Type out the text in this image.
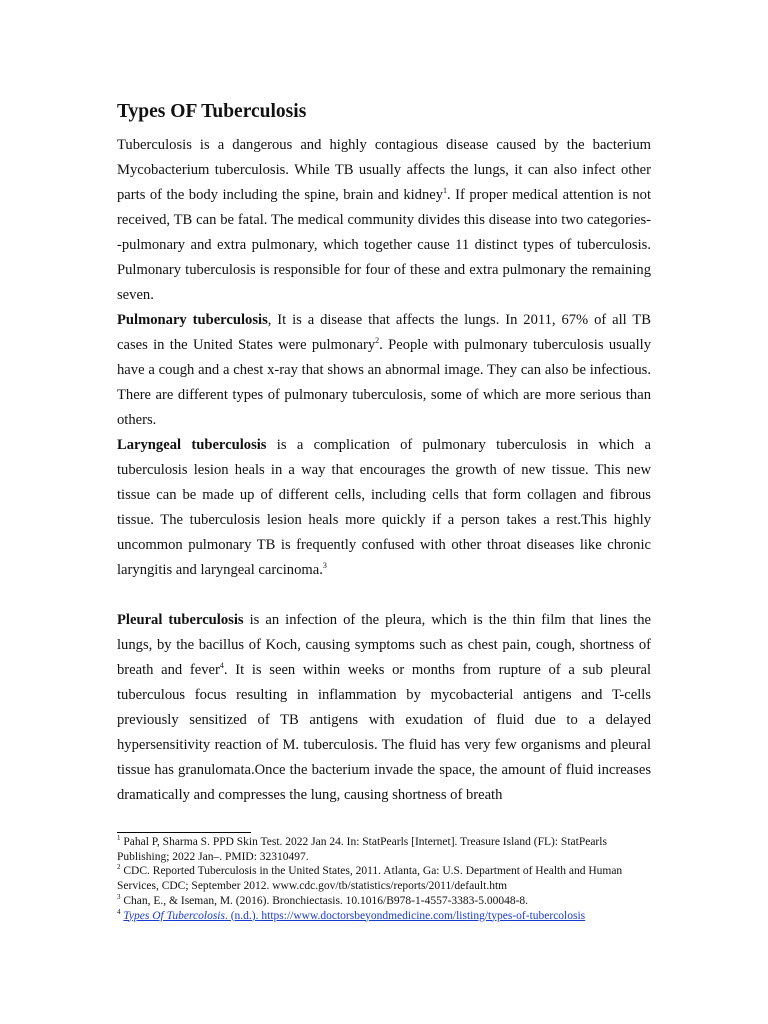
Types OF Tuberculosis

Tuberculosis is a dangerous and highly contagious disease caused by the bacterium Mycobacterium tuberculosis. While TB usually affects the lungs, it can also infect other parts of the body including the spine, brain and kidney$^1$. If proper medical attention is not received, TB can be fatal. The medical community divides this disease into two categories--pulmonary and extra pulmonary, which together cause 11 distinct types of tuberculosis. Pulmonary tuberculosis is responsible for four of these and extra pulmonary the remaining seven.

Pulmonary tuberculosis, It is a disease that affects the lungs. In 2011, 67% of all TB cases in the United States were pulmonary$^2$. People with pulmonary tuberculosis usually have a cough and a chest x-ray that shows an abnormal image. They can also be infectious. There are different types of pulmonary tuberculosis, some of which are more serious than others.

Laryngeal tuberculosis is a complication of pulmonary tuberculosis in which a tuberculosis lesion heals in a way that encourages the growth of new tissue. This new tissue can be made up of different cells, including cells that form collagen and fibrous tissue. The tuberculosis lesion heals more quickly if a person takes a rest.This highly uncommon pulmonary TB is frequently confused with other throat diseases like chronic laryngitis and laryngeal carcinoma.$^3$

Pleural tuberculosis is an infection of the pleura, which is the thin film that lines the lungs, by the bacillus of Koch, causing symptoms such as chest pain, cough, shortness of breath and fever$^4$. It is seen within weeks or months from rupture of a sub pleural tuberculous focus resulting in inflammation by mycobacterial antigens and T-cells previously sensitized of TB antigens with exudation of fluid due to a delayed hypersensitivity reaction of M. tuberculosis. The fluid has very few organisms and pleural tissue has granulomata.Once the bacterium invade the space, the amount of fluid increases dramatically and compresses the lung, causing shortness of breath

$^1$ Pahal P, Sharma S. PPD Skin Test. 2022 Jan 24. In: StatPearls [Internet]. Treasure Island (FL): StatPearls Publishing; 2022 Jan–. PMID: 32310497.
$^2$ CDC. Reported Tuberculosis in the United States, 2011. Atlanta, Ga: U.S. Department of Health and Human Services, CDC; September 2012. www.cdc.gov/tb/statistics/reports/2011/default.htm
$^3$ Chan, E., & Iseman, M. (2016). Bronchiectasis. 10.1016/B978-1-4557-3383-5.00048-8.
$^4$ Types Of Tubercolosis. (n.d.). https://www.doctorsbeyondmedicine.com/listing/types-of-tubercolosis
